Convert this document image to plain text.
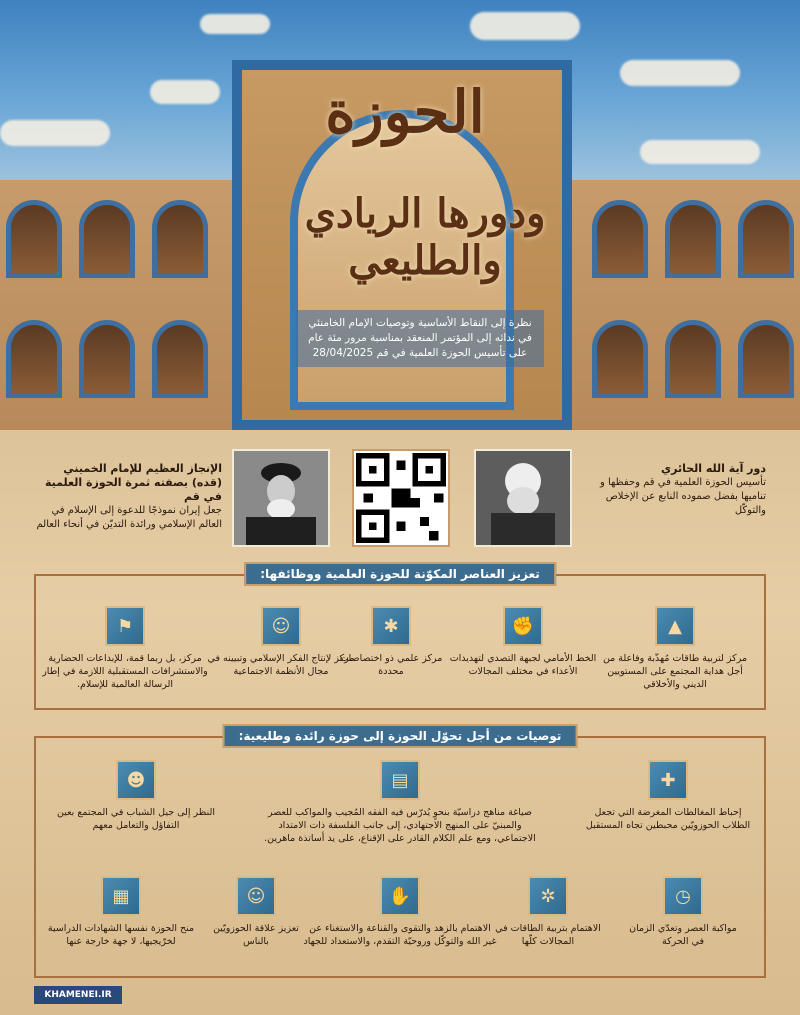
الحوزة
ودورها الريادي والطليعي
نظرة إلى النقاط الأساسية وتوصيات الإمام الخامنئي في ندائه إلى المؤتمر المنعقد بمناسبة مرور مئة عام على تأسيس الحوزة العلمية في قم 28/04/2025
دور آية الله الحائري
تأسيس الحوزة العلمية في قم وحفظها و تناميها بفضل صموده النابع عن الإخلاص والتوكّل
الإنجاز العظيم للإمام الخميني (قده) بصفته ثمرة الحوزة العلمية في قم
جعل إيران نموذجًا للدعوة إلى الإسلام في العالم الإسلامي ورائدة التديّن في أنحاء العالم
تعزيز العناصر المكوّنة للحوزة العلمية ووظائفها:
▲
مركز لتربية طاقات مُهذّبة وفاعلة من أجل هداية المجتمع على المستويين الديني والأخلاقي
✊
الخط الأمامي لجبهة التصدي لتهديدات الأعداء في مختلف المجالات
✱
مركز علمي ذو اختصاصات محددة
☺
مركز لإنتاج الفكر الإسلامي وتبيينه في مجال الأنظمة الاجتماعية
⚑
مركز، بل ربما قمة، للإبداعات الحضارية والاستشرافات المستقبلية اللازمة في إطار الرسالة العالمية للإسلام.
توصيات من أجل تحوّل الحوزة إلى حوزة رائدة وطليعية:
✚
إحباط المغالطات المغرضة التي تجعل الطلاب الحوزويّين محبطين تجاه المستقبل
▤
صياغة مناهج دراسيّة بنحوٍ يُدرّس فيه الفقه المُجيب والمواكب للعصر والمبنيّ على المنهج الاجتهادي، إلى جانب الفلسفة ذات الامتداد الاجتماعي، ومع علم الكلام القادر على الإقناع، على يد أساتذة ماهرين.
☻
النظر إلى جيل الشباب في المجتمع بعين التفاؤل والتعامل معهم
◷
مواكبة العصر وتعدّي الزمان في الحركة
✲
الاهتمام بتربية الطاقات في المجالات كلّها
✋
الاهتمام بالزهد والتقوى والقناعة والاستغناء عن غير الله والتوكّل وروحيّة التقدم، والاستعداد للجهاد
☺
تعزيز علاقة الحوزويّين بالناس
▦
منح الحوزة نفسها الشهادات الدراسية لخرّيجيها، لا جهة خارجة عنها
KHAMENEI.IR
